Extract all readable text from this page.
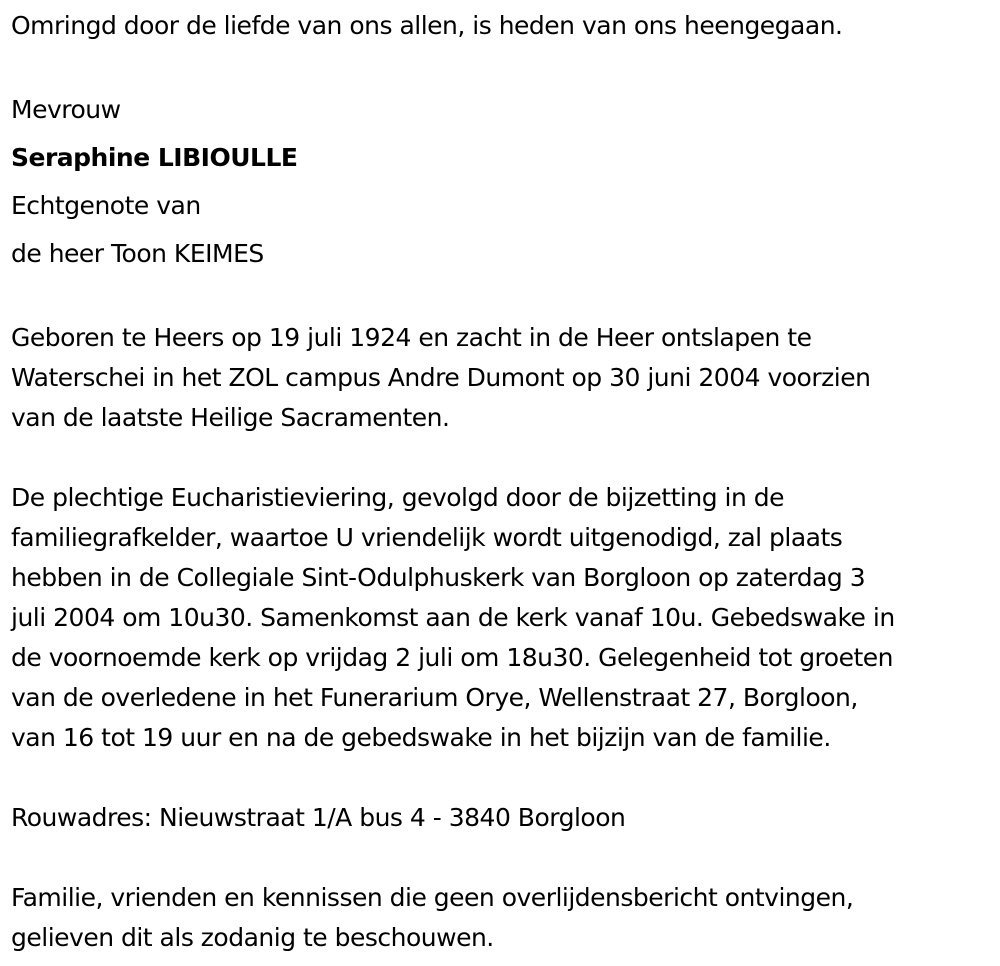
Omringd door de liefde van ons allen, is heden van ons heengegaan.
Mevrouw
Seraphine LIBIOULLE
Echtgenote van
de heer Toon KEIMES
Geboren te Heers op 19 juli 1924 en zacht in de Heer ontslapen te
Waterschei in het ZOL campus Andre Dumont op 30 juni 2004 voorzien
van de laatste Heilige Sacramenten.
De plechtige Eucharistieviering, gevolgd door de bijzetting in de
familiegrafkelder, waartoe U vriendelijk wordt uitgenodigd, zal plaats
hebben in de Collegiale Sint-Odulphuskerk van Borgloon op zaterdag 3
juli 2004 om 10u30. Samenkomst aan de kerk vanaf 10u. Gebedswake in
de voornoemde kerk op vrijdag 2 juli om 18u30. Gelegenheid tot groeten
van de overledene in het Funerarium Orye, Wellenstraat 27, Borgloon,
van 16 tot 19 uur en na de gebedswake in het bijzijn van de familie.
Rouwadres: Nieuwstraat 1/A bus 4 - 3840 Borgloon
Familie, vrienden en kennissen die geen overlijdensbericht ontvingen,
gelieven dit als zodanig te beschouwen.
